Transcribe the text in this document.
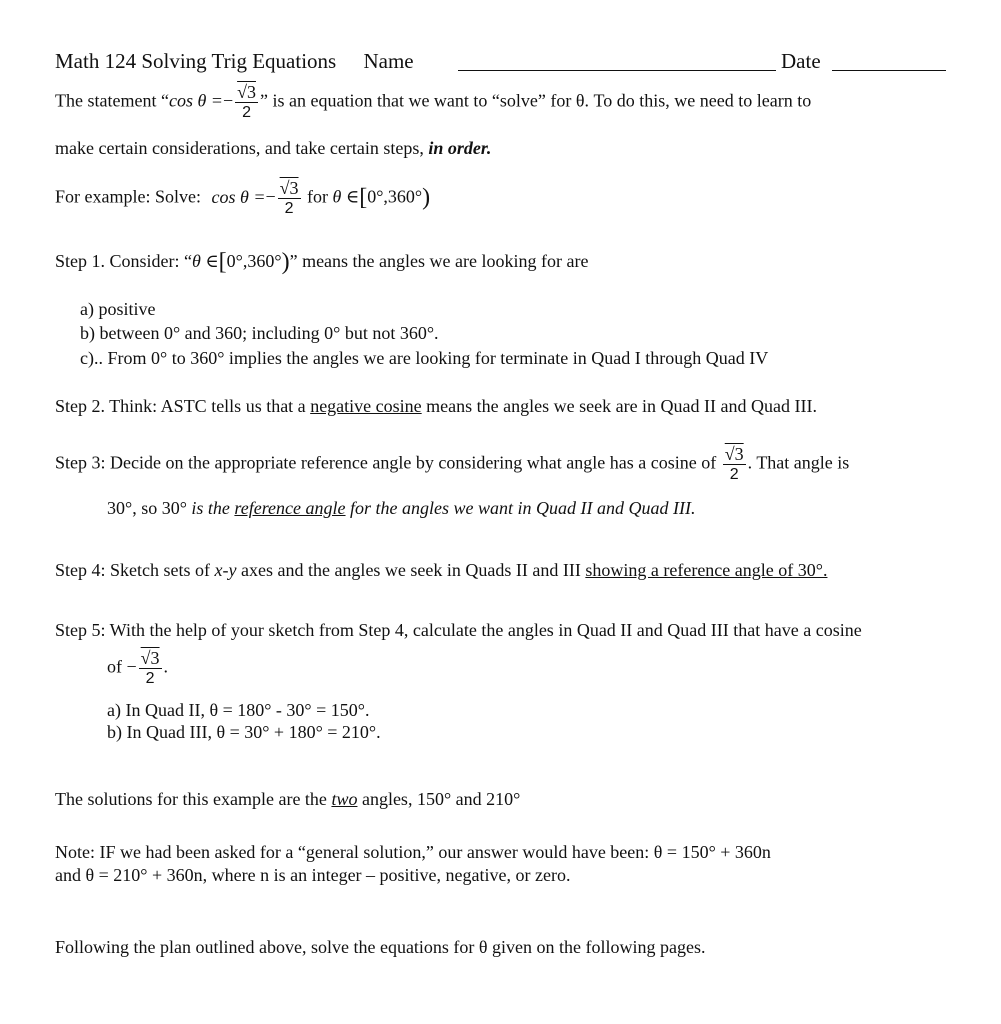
Math 124 Solving Trig Equations Name	Date
The statement “cos $\theta =- \frac{√3}{2}$ ” is an equation that we want to “solve” for θ. To do this, we need to learn to
make certain considerations, and take certain steps, in order.
For example: Solve: $\cos \theta =- \frac{√3}{2}$ for θ ∈[0°,360°)
Step 1. Consider: “θ ∈[0°,360°)” means the angles we are looking for are
a) positive
b) between 0° and 360; including 0° but not 360°.
c).. From 0° to 360° implies the angles we are looking for terminate in Quad I through Quad IV
Step 2. Think: ASTC tells us that a negative cosine means the angles we seek are in Quad II and Quad III.
Step 3: Decide on the appropriate reference angle by considering what angle has a cosine of $\frac{√3}{2}$ . That angle is
30°, so 30° is the reference angle for the angles we want in Quad II and Quad III.
Step 4: Sketch sets of x-y axes and the angles we seek in Quads II and III showing a reference angle of 30°.
Step 5: With the help of your sketch from Step 4, calculate the angles in Quad II and Quad III that have a cosine
of − $\frac{√3}{2}$ .
a) In Quad II, θ = 180° - 30° = 150°.
b) In Quad III, θ = 30° + 180° = 210°.
The solutions for this example are the two angles, 150° and 210°
Note: IF we had been asked for a “general solution,” our answer would have been: θ = 150° + 360n
and θ = 210° + 360n, where n is an integer – positive, negative, or zero.
Following the plan outlined above, solve the equations for θ given on the following pages.
